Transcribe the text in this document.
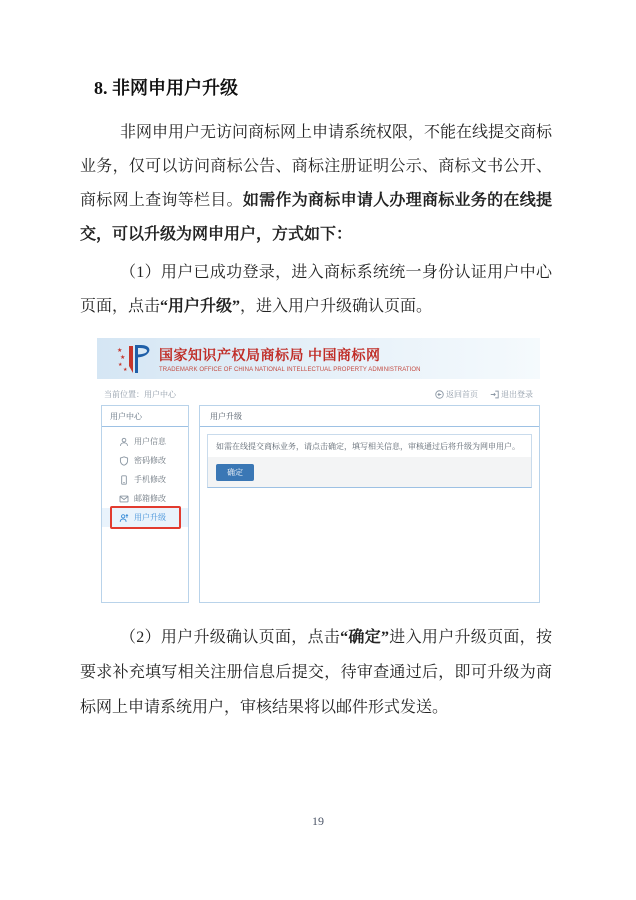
8. 非网申用户升级

非网申用户无访问商标网上申请系统权限，不能在线提交商标业务，仅可以访问商标公告、商标注册证明公示、商标文书公开、商标网上查询等栏目。如需作为商标申请人办理商标业务的在线提交，可以升级为网申用户，方式如下：

（1）用户已成功登录，进入商标系统统一身份认证用户中心页面，点击“用户升级”，进入用户升级确认页面。

★
★
★
★
国家知识产权局商标局 中国商标网
TRADEMARK OFFICE OF CHINA NATIONAL INTELLECTUAL PROPERTY ADMINISTRATION
当前位置：用户中心	返回首页	退出登录
用户中心
用户信息
密码修改
手机修改
邮箱修改
用户升级
用户升级
如需在线提交商标业务，请点击确定，填写相关信息，审核通过后将升级为网申用户。
确定

（2）用户升级确认页面，点击“确定”进入用户升级页面，按要求补充填写相关注册信息后提交，待审查通过后，即可升级为商标网上申请系统用户，审核结果将以邮件形式发送。

19
